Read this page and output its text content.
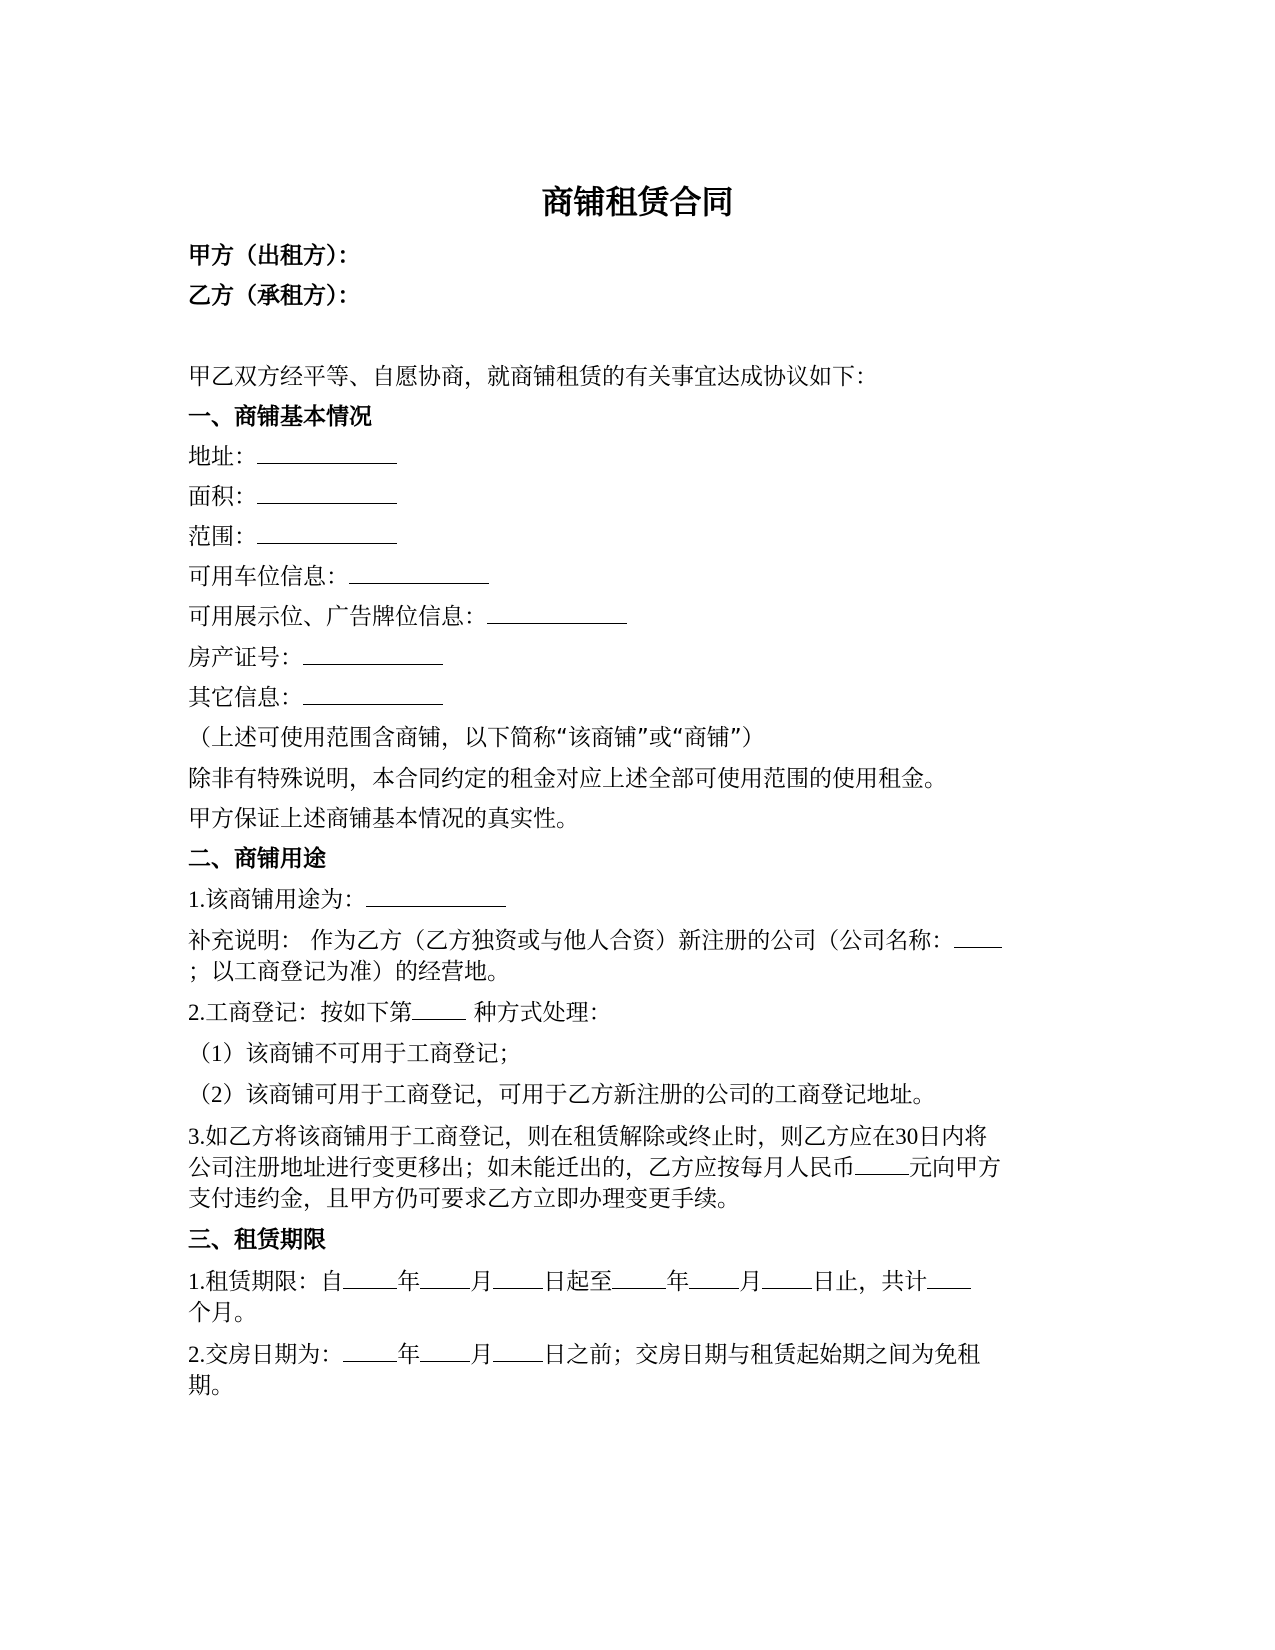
商铺租赁合同
甲方（出租方）：
乙方（承租方）：
甲乙双方经平等、自愿协商，就商铺租赁的有关事宜达成协议如下：
一、商铺基本情况
地址：
面积：
范围：
可用车位信息：
可用展示位、广告牌位信息：
房产证号：
其它信息：
（上述可使用范围含商铺，以下简称“该商铺”或“商铺”）
除非有特殊说明，本合同约定的租金对应上述全部可使用范围的使用租金。
甲方保证上述商铺基本情况的真实性。
二、商铺用途
1.该商铺用途为：
补充说明： 作为乙方（乙方独资或与他人合资）新注册的公司（公司名称：
；以工商登记为准）的经营地。
2.工商登记：按如下第	种方式处理：
（1）该商铺不可用于工商登记；
（2）该商铺可用于工商登记，可用于乙方新注册的公司的工商登记地址。
3.如乙方将该商铺用于工商登记，则在租赁解除或终止时，则乙方应在30日内将
公司注册地址进行变更移出；如未能迁出的，乙方应按每月人民币 元向甲方
支付违约金，且甲方仍可要求乙方立即办理变更手续。
三、租赁期限
1.租赁期限：自 年 月 日起至 年 月 日止，共计
个月。
2.交房日期为： 年 月 日之前；交房日期与租赁起始期之间为免租
期。
